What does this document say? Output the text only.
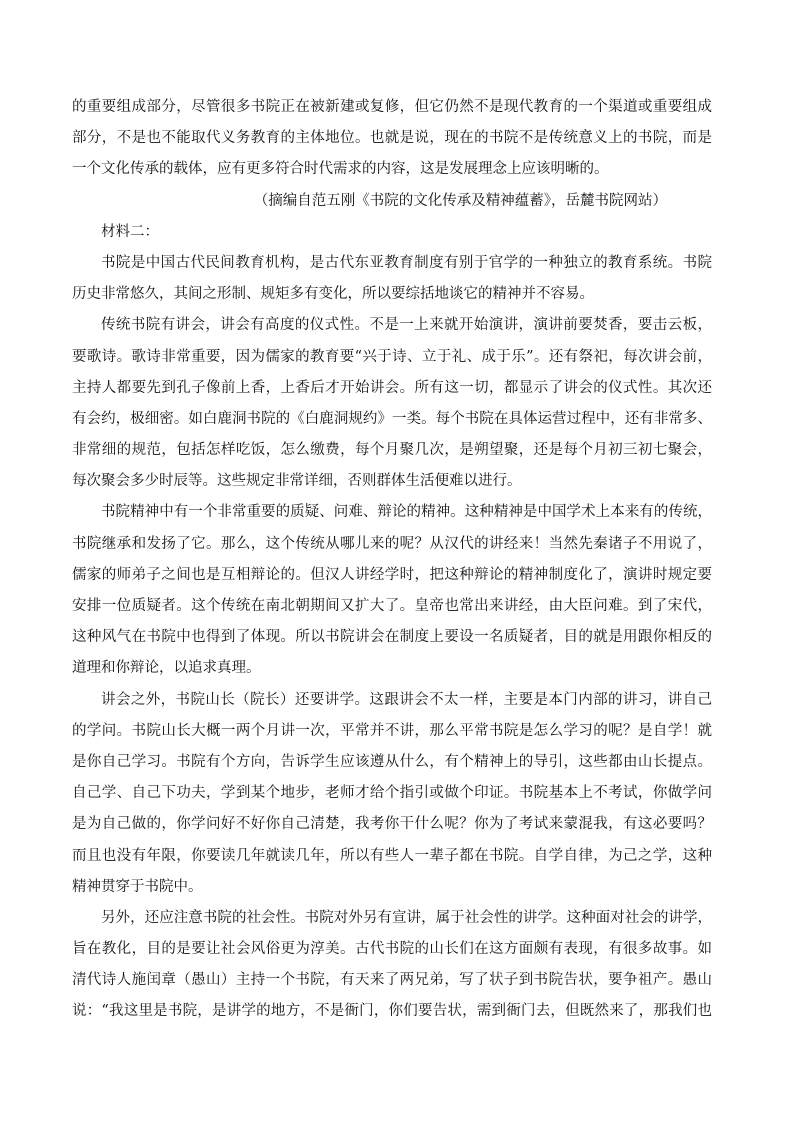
的重要组成部分，尽管很多书院正在被新建或复修，但它仍然不是现代教育的一个渠道或重要组成
部分，不是也不能取代义务教育的主体地位。也就是说，现在的书院不是传统意义上的书院，而是
一个文化传承的载体，应有更多符合时代需求的内容，这是发展理念上应该明晰的。
（摘编自范五刚《书院的文化传承及精神蕴蓄》，岳麓书院网站）
材料二：
书院是中国古代民间教育机构，是古代东亚教育制度有别于官学的一种独立的教育系统。书院
历史非常悠久，其间之形制、规矩多有变化，所以要综括地谈它的精神并不容易。
传统书院有讲会，讲会有高度的仪式性。不是一上来就开始演讲，演讲前要焚香，要击云板，
要歌诗。歌诗非常重要，因为儒家的教育要“兴于诗、立于礼、成于乐”。还有祭祀，每次讲会前，
主持人都要先到孔子像前上香，上香后才开始讲会。所有这一切，都显示了讲会的仪式性。其次还
有会约，极细密。如白鹿洞书院的《白鹿洞规约》一类。每个书院在具体运营过程中，还有非常多、
非常细的规范，包括怎样吃饭，怎么缴费，每个月聚几次，是朔望聚，还是每个月初三初七聚会，
每次聚会多少时辰等。这些规定非常详细，否则群体生活便难以进行。
书院精神中有一个非常重要的质疑、问难、辩论的精神。这种精神是中国学术上本来有的传统，
书院继承和发扬了它。那么，这个传统从哪儿来的呢？从汉代的讲经来！当然先秦诸子不用说了，
儒家的师弟子之间也是互相辩论的。但汉人讲经学时，把这种辩论的精神制度化了，演讲时规定要
安排一位质疑者。这个传统在南北朝期间又扩大了。皇帝也常出来讲经，由大臣问难。到了宋代，
这种风气在书院中也得到了体现。所以书院讲会在制度上要设一名质疑者，目的就是用跟你相反的
道理和你辩论，以追求真理。
讲会之外，书院山长（院长）还要讲学。这跟讲会不太一样，主要是本门内部的讲习，讲自己
的学问。书院山长大概一两个月讲一次，平常并不讲，那么平常书院是怎么学习的呢？是自学！就
是你自己学习。书院有个方向，告诉学生应该遵从什么，有个精神上的导引，这些都由山长提点。
自己学、自己下功夫，学到某个地步，老师才给个指引或做个印证。书院基本上不考试，你做学问
是为自己做的，你学问好不好你自己清楚，我考你干什么呢？你为了考试来蒙混我，有这必要吗？
而且也没有年限，你要读几年就读几年，所以有些人一辈子都在书院。自学自律，为己之学，这种
精神贯穿于书院中。
另外，还应注意书院的社会性。书院对外另有宣讲，属于社会性的讲学。这种面对社会的讲学，
旨在教化，目的是要让社会风俗更为淳美。古代书院的山长们在这方面颇有表现，有很多故事。如
清代诗人施闰章（愚山）主持一个书院，有天来了两兄弟，写了状子到书院告状，要争祖产。愚山
说：“我这里是书院，是讲学的地方，不是衙门，你们要告状，需到衙门去，但既然来了，那我们也
